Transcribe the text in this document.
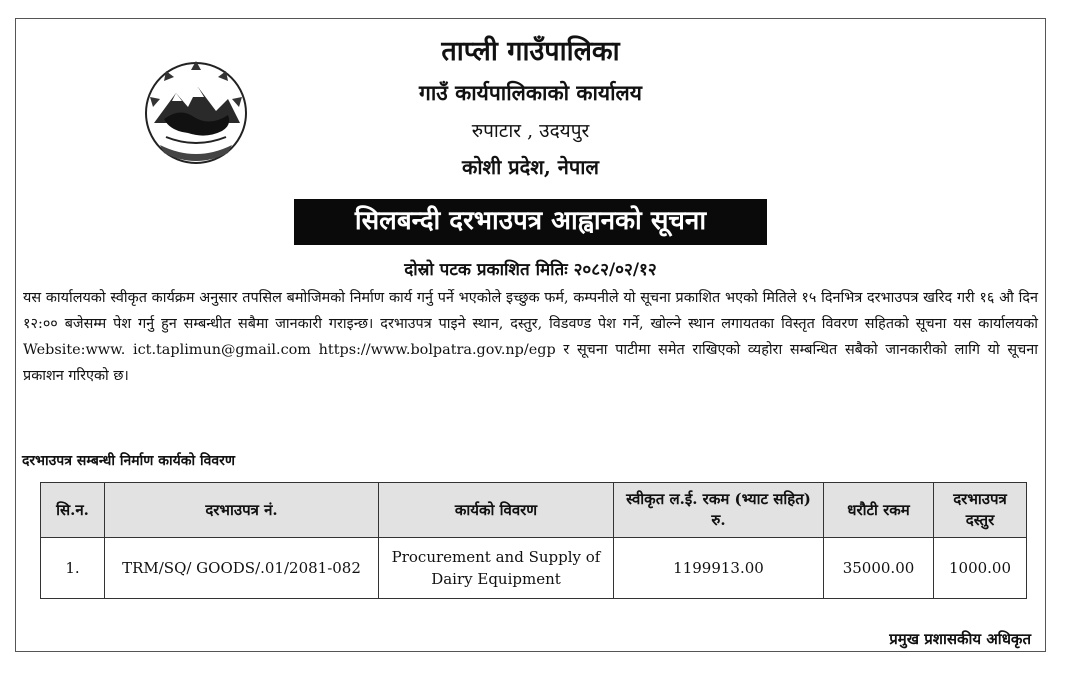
ताप्ली गाउँपालिका
गाउँ कार्यपालिकाको कार्यालय
रुपाटार , उदयपुर
कोशी प्रदेश, नेपाल
सिलबन्दी दरभाउपत्र आह्वानको सूचना
दोस्रो पटक प्रकाशित मितिः २०८२/०२/१२

यस कार्यालयको स्वीकृत कार्यक्रम अनुसार तपसिल बमोजिमको निर्माण कार्य गर्नु पर्ने भएकोले इच्छुक फर्म, कम्पनीले यो सूचना प्रकाशित भएको मितिले १५ दिनभित्र दरभाउपत्र खरिद गरी १६ औ दिन १२:०० बजेसम्म पेश गर्नु हुन सम्बन्धीत सबैमा जानकारी गराइन्छ। दरभाउपत्र पाइने स्थान, दस्तुर, विडवण्ड पेश गर्ने, खोल्ने स्थान लगायतका विस्तृत विवरण सहितको सूचना यस कार्यालयको Website:www. ict.taplimun@gmail.com https://www.bolpatra.gov.np/egp र सूचना पाटीमा समेत राखिएको व्यहोरा सम्बन्धित सबैको जानकारीको लागि यो सूचना प्रकाशन गरिएको छ।

दरभाउपत्र सम्बन्धी निर्माण कार्यको विवरण
सि.न.	दरभाउपत्र नं.	कार्यको विवरण	स्वीकृत ल.ई. रकम (भ्याट सहित) रु.	धरौटी रकम	दरभाउपत्र दस्तुर
1.	TRM/SQ/ GOODS/.01/2081-082	Procurement and Supply of Dairy Equipment	1199913.00	35000.00	1000.00
प्रमुख प्रशासकीय अधिकृत
